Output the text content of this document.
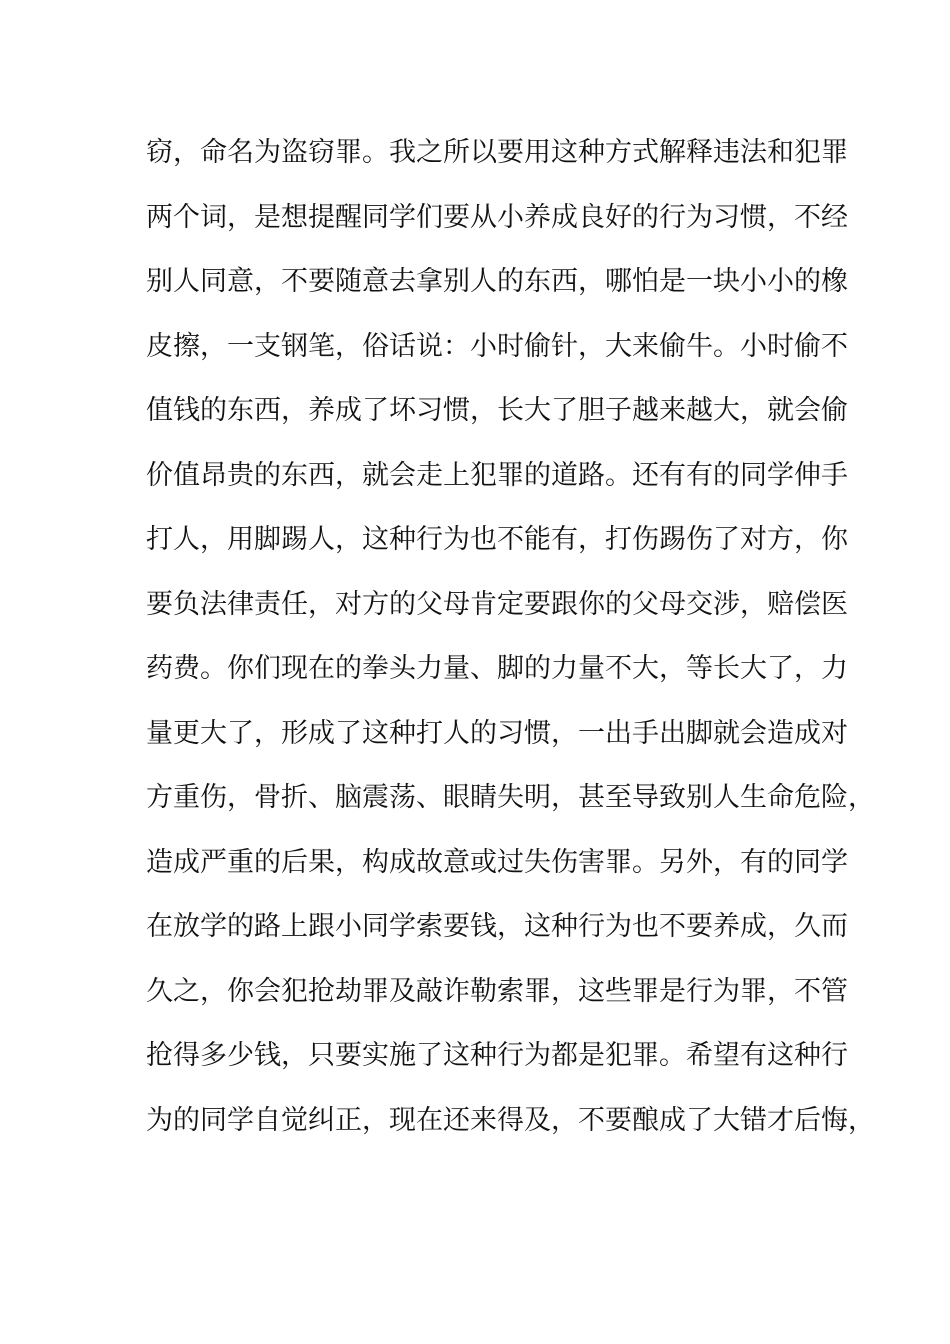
窃，命名为盗窃罪。我之所以要用这种方式解释违法和犯罪
两个词，是想提醒同学们要从小养成良好的行为习惯，不经
别人同意，不要随意去拿别人的东西，哪怕是一块小小的橡
皮擦，一支钢笔，俗话说：小时偷针，大来偷牛。小时偷不
值钱的东西，养成了坏习惯，长大了胆子越来越大，就会偷
价值昂贵的东西，就会走上犯罪的道路。还有有的同学伸手
打人，用脚踢人，这种行为也不能有，打伤踢伤了对方，你
要负法律责任，对方的父母肯定要跟你的父母交涉，赔偿医
药费。你们现在的拳头力量、脚的力量不大，等长大了，力
量更大了，形成了这种打人的习惯，一出手出脚就会造成对
方重伤，骨折、脑震荡、眼睛失明，甚至导致别人生命危险，
造成严重的后果，构成故意或过失伤害罪。另外，有的同学
在放学的路上跟小同学索要钱，这种行为也不要养成，久而
久之，你会犯抢劫罪及敲诈勒索罪，这些罪是行为罪，不管
抢得多少钱，只要实施了这种行为都是犯罪。希望有这种行
为的同学自觉纠正，现在还来得及，不要酿成了大错才后悔，
